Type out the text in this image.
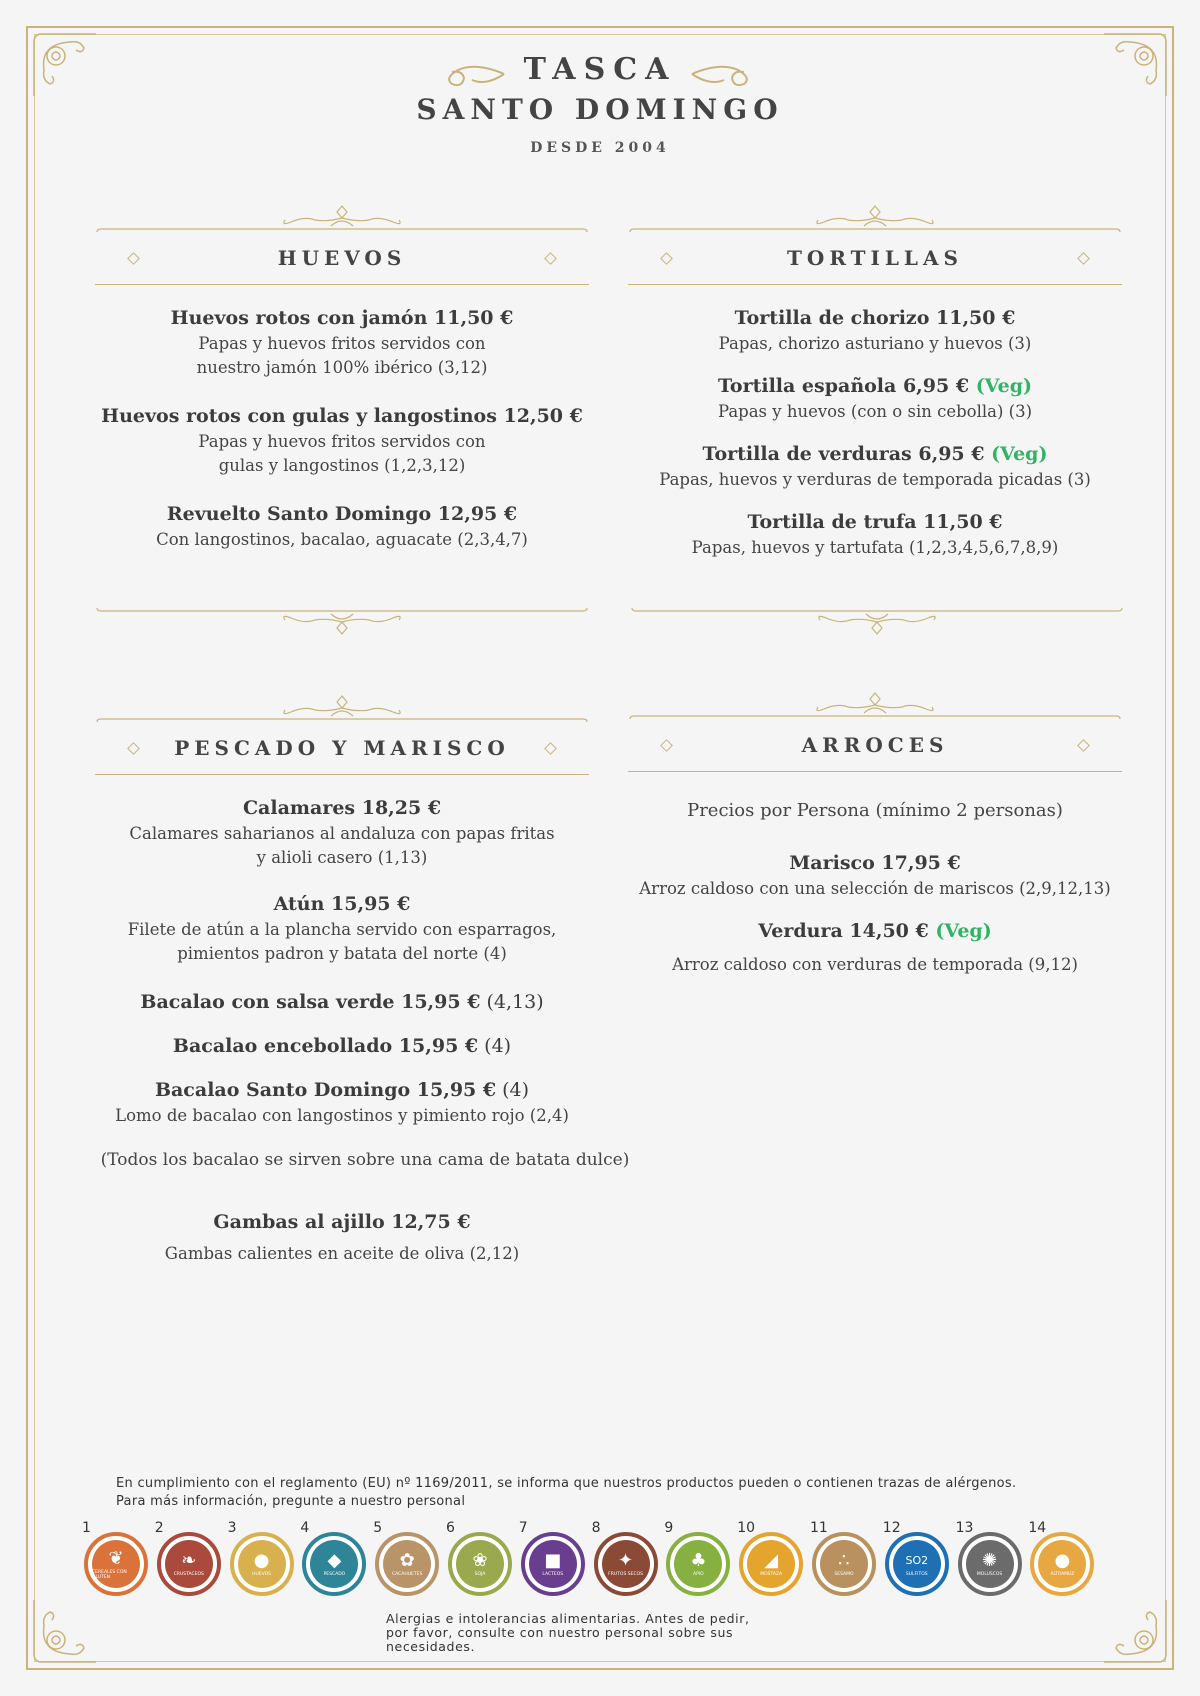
TASCA
SANTO DOMINGO
DESDE 2004
HUEVOS
Huevos rotos con jamón 11,50 €
Papas y huevos fritos servidos con
nuestro jamón 100% ibérico (3,12)
Huevos rotos con gulas y langostinos 12,50 €
Papas y huevos fritos servidos con
gulas y langostinos (1,2,3,12)
Revuelto Santo Domingo 12,95 €
Con langostinos, bacalao, aguacate (2,3,4,7)
TORTILLAS
Tortilla de chorizo 11,50 €
Papas, chorizo asturiano y huevos (3)
Tortilla española 6,95 € (Veg)
Papas y huevos (con o sin cebolla) (3)
Tortilla de verduras 6,95 € (Veg)
Papas, huevos y verduras de temporada picadas (3)
Tortilla de trufa 11,50 €
Papas, huevos y tartufata (1,2,3,4,5,6,7,8,9)
PESCADO Y MARISCO
Calamares 18,25 €
Calamares saharianos al andaluza con papas fritas
y alioli casero (1,13)
Atún 15,95 €
Filete de atún a la plancha servido con esparragos,
pimientos padron y batata del norte (4)
Bacalao con salsa verde 15,95 € (4,13)
Bacalao encebollado 15,95 € (4)
Bacalao Santo Domingo 15,95 € (4)
Lomo de bacalao con langostinos y pimiento rojo (2,4)
(Todos los bacalao se sirven sobre una cama de batata dulce)
Gambas al ajillo 12,75 €
Gambas calientes en aceite de oliva (2,12)
ARROCES
Precios por Persona (mínimo 2 personas)
Marisco 17,95 €
Arroz caldoso con una selección de mariscos (2,9,12,13)
Verdura 14,50 € (Veg)
Arroz caldoso con verduras de temporada (9,12)
En cumplimiento con el reglamento (EU) nº 1169/2011, se informa que nuestros productos pueden o contienen trazas de alérgenos.
Para más información, pregunte a nuestro personal
1
❦
CEREALES CON GLUTEN
2
❧
CRUSTACEOS
3
●
HUEVOS
4
◆
PESCADO
5
✿
CACAHUETES
6
❀
SOJA
7
■
LACTEOS
8
✦
FRUTOS SECOS
9
♣
APIO
10
◢
MOSTAZA
11
∴
SESAMO
12
SO2
SULFITOS
13
✺
MOLUSCOS
14
●
ALTRAMUZ
Alergias e intolerancias alimentarias. Antes de pedir,
por favor, consulte con nuestro personal sobre sus
necesidades.
